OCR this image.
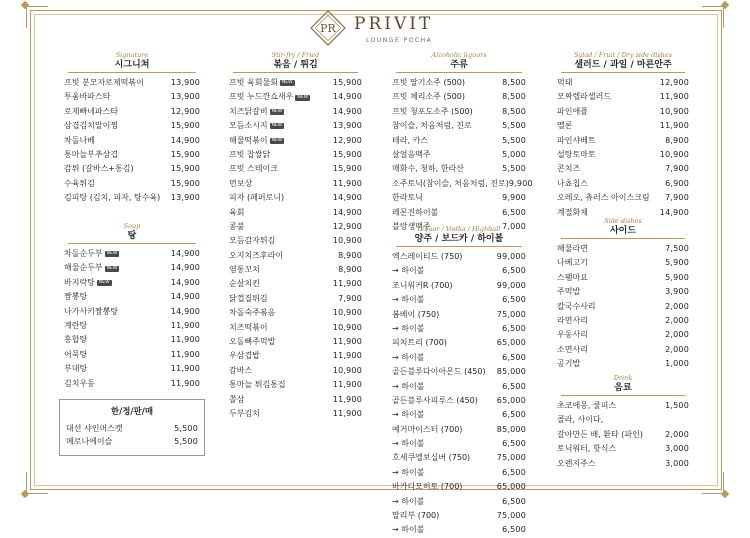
PR PRIVIT
LOUNGE POCHA
Signature
시그니쳐
프빗 분모자로제떡볶이	13,900
투움바파스타	13,900
로제빠네파스타	12,900
삼겹김치말이찜	15,900
차돌나베	14,900
통마늘부추삼겹	15,900
감튀 (갈바스+통김)	15,900
수육튀김	15,900
김피탕 (김치, 피자, 탕수육) 13,900
Soup
탕
차돌순두부 NEW	14,900
해물순두부 NEW	14,900
바지락탕 NEW	14,900
짬뽕탕	14,900
나가사키짬뽕탕	14,900
계란탕	11,900
홍합탕	11,900
어묵탕	11,900
부대탕	11,900
김치우동	11,900
한/정/판/매
대선 샤인머스캣	5,500
메로나에이슬	5,500
Stir-fry / Fried
볶음 / 튀김
프빗 육회물회 NEW	15,900
프빗 누드깐쇼새우 NEW	14,900
치즈닭갈비 NEW	14,900
모듬소시지 NEW	13,900
해물떡볶이 NEW	12,900
프빗 찹쌀닭	15,900
프빗 스테이크	15,900
먼보상	11,900
피자 (페퍼로니)	14,900
육회	14,900
콩불	12,900
모듬감자튀김	10,900
오지치즈후라이	8,900
염통꼬치	8,900
순살치킨	11,900
닭껍질튀김	7,900
차돌숙주볶음	10,900
치즈떡볶이	10,900
오돌뼈주먹밥	11,900
우삼겹밥	11,900
감바스	10,900
통마늘 튀김통집	11,900
쫄삼	11,900
두부김치	11,900
Alcoholic liquors
주류
프빗 딸기소주 (500)	8,500
프빗 체리소주 (500)	8,500
프빗 청포도소주 (500)	8,500
참이슬, 처음처럼, 진로	5,500
테라, 카스	5,500
살얼음맥주	5,000
매화수, 청하, 한라산	5,500
소주토닉(참이슬, 처음처럼, 진로) 9,900
한라토닉	9,900
레몬진하이볼	6,500
블랑생맥주	7,000
Liquor / Vodka / Highball
양주 / 보드카 / 하이볼
엑스레이티드 (750)	99,000
→ 하이볼	6,500
조니워커R (700)	99,000
→ 하이볼	6,500
봄베이 (750)	75,000
→ 하이볼	6,500
피치트리 (700)	65,000
→ 하이볼	6,500
골든블루다이아몬드 (450) 85,000
→ 하이볼	6,500
골든블루사피루스 (450) 65,000
→ 하이볼	6,500
예거마이스터 (700)	85,000
→ 하이볼	6,500
호세쿠엘보실버 (750)	75,000
→ 하이볼	6,500
바카디모히토 (700)	65,000
→ 하이볼	6,500
말리부 (700)	75,000
→ 하이볼	6,500
Salad / Fruit / Dry side dishes
샐러드 / 과일 / 마른안주
먹태	12,900
모짜렐라샐러드	11,900
파인애플	10,900
멜론	11,900
파인샤베트	8,900
설탕토마토	10,900
콘치즈	7,900
나쵸칩스	6,900
오레오, 츄러스 아이스크림 7,900
계절화채	14,900
Side dishes
사이드
해물라면	7,500
나베고기	5,900
스팸마요	5,900
주먹밥	3,900
칼국수사리	2,000
라면사리	2,000
우동사리	2,000
소면사리	2,000
공기밥	1,000
Drink
음료
초코에몽, 쿨피스	1,500
콜라, 사이다,
갈아만든 배, 환타 (파인)	2,000
토닉워터, 핫식스	3,000
오렌지주스	3,000
